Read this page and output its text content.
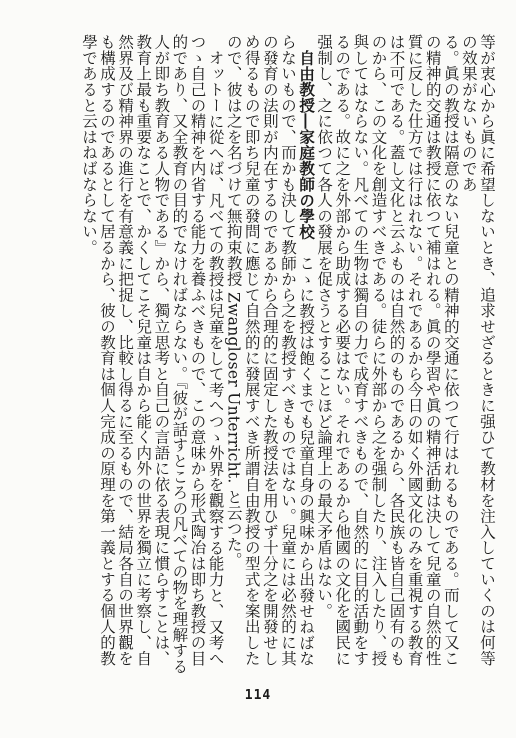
等が衷心から眞に希望しないとき、追求せざるときに强ひて教材を注入していくのは何等の效果がないものであ

る。眞の教授は隔意のない兒童との精神的交通に依つて行はれるものである。而して又この精神的交通は教授に依つて補はれる。眞の學習や眞の精神活動は決して兒童の自然的性質に反した仕方では行はれない。それであるから今日の如く外國文化のみを重視する教育は不可である。蓋し文化と云ふものは自然的のものであるから、各民族も皆自己固有のものから、この文化を創造すべきである。徒らに外部から之を强制したり、注入したり、授與してはならない。凡べての生物は獨自の力で成育すべきもので、自然的に目的活動をするのである。故に之を外部から助成する必要はない。それであるから他國の文化を國民に强制し、之に依つて各人の發展を促さうとすることほど論理上の最大矛盾はない。

自由教授―家庭教師の學校　こゝに教授は飽くまでも兒童自身の興味から出發せねばならないもので、而かも決して教師から之を教授すべきものではない。兒童には必然的に其の發育の法則が内在するのであるから合理的に固定した教授法を用ひず十分之を開發せしめ得るもので即ち兒童の發問に應じて自然的に發展すべき所謂自由教授の型式を案出したので、彼は之を名づけて無拘束教授 Zwangloser Unterricht. と云つた。

オットーに從へば、凡べての教授は兒童をして考へつゝ外界を觀察する能力と、又考へつゝ自己の精神を内省する能力を養ふべきもので、この意味から形式陶冶は即ち教授の目的であり、又全教育の目的でなければならない。『彼が話すところの凡べての物を理解する人が即ち教育ある人物である』から、獨立思考と自己の言語に依る表現に慣らすことは、教育上最も重要なことで、かくしてこそ兒童は自から能く内外の世界を獨立に考察し、自然界及び精神界の進行を有意義に把捉し、比較し得るに至るもので、結局各自の世界觀をも構成するのであるとして居るから、彼の教育は個人完成の原理を第一義とする個人的教學であると云はねばならない。

114
